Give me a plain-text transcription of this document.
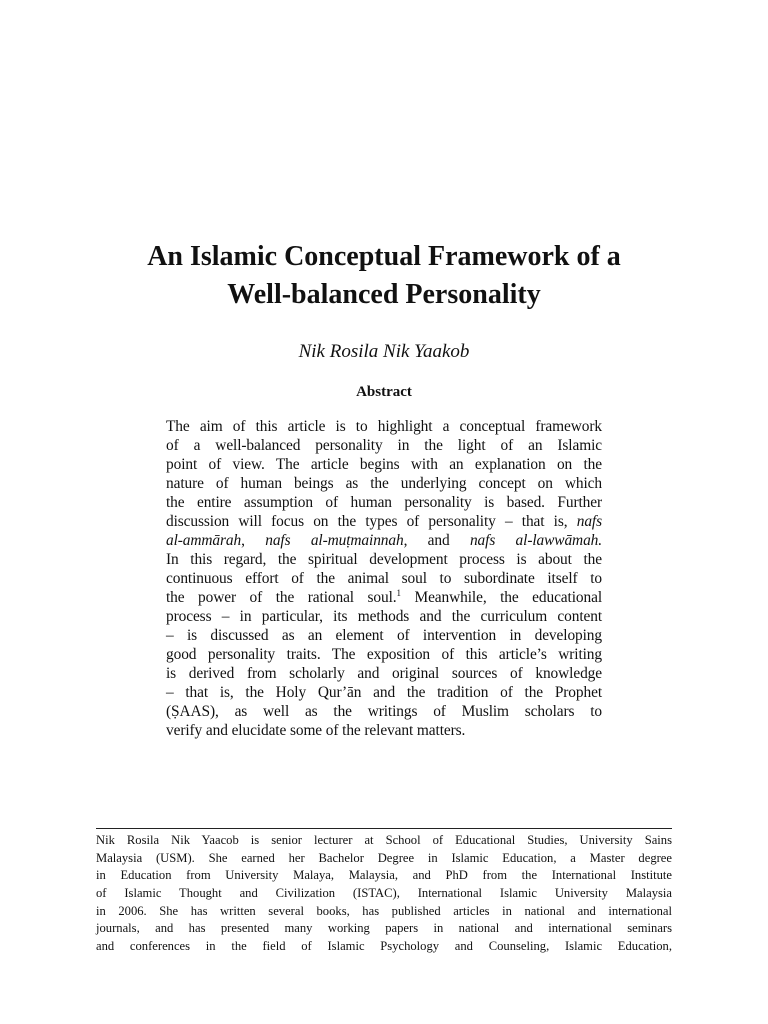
An Islamic Conceptual Framework of a
Well-balanced Personality
Nik Rosila Nik Yaakob
Abstract
The aim of this article is to highlight a conceptual framework
of a well-balanced personality in the light of an Islamic
point of view. The article begins with an explanation on the
nature of human beings as the underlying concept on which
the entire assumption of human personality is based. Further
discussion will focus on the types of personality – that is, nafs
al-ammārah, nafs al-muṭmainnah, and nafs al-lawwāmah.
In this regard, the spiritual development process is about the
continuous effort of the animal soul to subordinate itself to
the power of the rational soul.$^1$ Meanwhile, the educational
process – in particular, its methods and the curriculum content
– is discussed as an element of intervention in developing
good personality traits. The exposition of this article’s writing
is derived from scholarly and original sources of knowledge
– that is, the Holy Qur’ān and the tradition of the Prophet
(ṢAAS), as well as the writings of Muslim scholars to
verify and elucidate some of the relevant matters.
Nik Rosila Nik Yaacob is senior lecturer at School of Educational Studies, University Sains
Malaysia (USM). She earned her Bachelor Degree in Islamic Education, a Master degree
in Education from University Malaya, Malaysia, and PhD from the International Institute
of Islamic Thought and Civilization (ISTAC), International Islamic University Malaysia
in 2006. She has written several books, has published articles in national and international
journals, and has presented many working papers in national and international seminars
and conferences in the field of Islamic Psychology and Counseling, Islamic Education,
